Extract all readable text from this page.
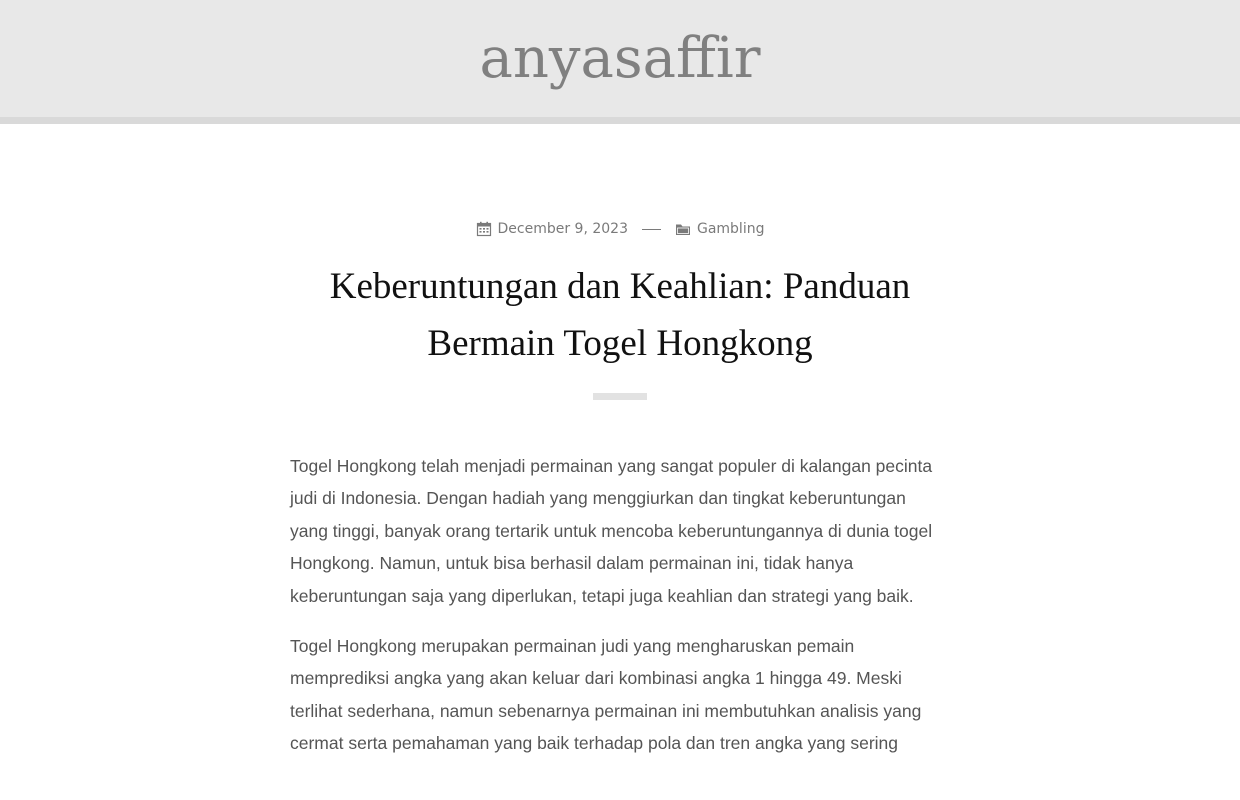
anyasaffir
December 9, 2023	Gambling
Keberuntungan dan Keahlian: Panduan Bermain Togel Hongkong

Togel Hongkong telah menjadi permainan yang sangat populer di kalangan pecinta judi di Indonesia. Dengan hadiah yang menggiurkan dan tingkat keberuntungan yang tinggi, banyak orang tertarik untuk mencoba keberuntungannya di dunia togel Hongkong. Namun, untuk bisa berhasil dalam permainan ini, tidak hanya keberuntungan saja yang diperlukan, tetapi juga keahlian dan strategi yang baik.

Togel Hongkong merupakan permainan judi yang mengharuskan pemain memprediksi angka yang akan keluar dari kombinasi angka 1 hingga 49. Meski terlihat sederhana, namun sebenarnya permainan ini membutuhkan analisis yang cermat serta pemahaman yang baik terhadap pola dan tren angka yang sering
